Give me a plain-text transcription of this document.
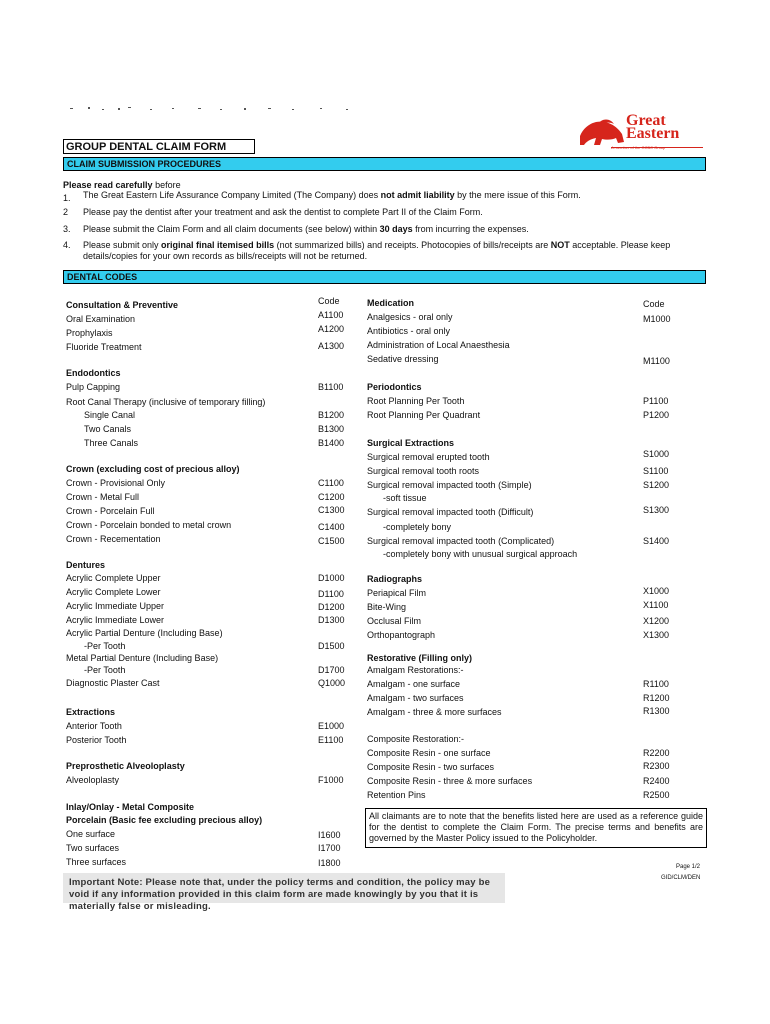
Great
Eastern
A member of the OCBC Group
GROUP DENTAL CLAIM FORM
CLAIM SUBMISSION PROCEDURES
Please read carefully before
1. The Great Eastern Life Assurance Company Limited (The Company) does not admit liability by the mere issue of this Form.
2 Please pay the dentist after your treatment and ask the dentist to complete Part II of the Claim Form.
3. Please submit the Claim Form and all claim documents (see below) within 30 days from incurring the expenses.
4. Please submit only original final itemised bills (not summarized bills) and receipts. Photocopies of bills/receipts are NOT acceptable. Please keep details/copies for your own records as bills/receipts will not be returned.
DENTAL CODES
Consultation & Preventive	Code
Oral Examination	A1100
Prophylaxis	A1200
Fluoride Treatment	A1300
Endodontics
Pulp Capping	B1100
Root Canal Therapy (inclusive of temporary filling)
Single Canal	B1200
Two Canals	B1300
Three Canals	B1400
Crown (excluding cost of precious alloy)
Crown - Provisional Only	C1100
Crown - Metal Full	C1200
Crown - Porcelain Full	C1300
Crown - Porcelain bonded to metal crown	C1400
Crown - Recementation	C1500
Dentures
Acrylic Complete Upper	D1000
Acrylic Complete Lower	D1100
Acrylic Immediate Upper	D1200
Acrylic Immediate Lower	D1300
Acrylic Partial Denture (Including Base)
-Per Tooth	D1500
Metal Partial Denture (Including Base)
-Per Tooth	D1700
Diagnostic Plaster Cast	Q1000
Extractions
Anterior Tooth	E1000
Posterior Tooth	E1100
Preprosthetic Alveoloplasty
Alveoloplasty	F1000
Inlay/Onlay - Metal Composite
Porcelain (Basic fee excluding precious alloy)
One surface	I1600
Two surfaces	I1700
Three surfaces	I1800
Medication	Code
Analgesics - oral only	M1000
Antibiotics - oral only
Administration of Local Anaesthesia
Sedative dressing	M1100
Periodontics
Root Planning Per Tooth	P1100
Root Planning Per Quadrant	P1200
Surgical Extractions
Surgical removal erupted tooth	S1000
Surgical removal tooth roots	S1100
Surgical removal impacted tooth (Simple)	S1200
-soft tissue
Surgical removal impacted tooth (Difficult)	S1300
-completely bony
Surgical removal impacted tooth (Complicated)	S1400
-completely bony with unusual surgical approach
Radiographs
Periapical Film	X1000
Bite-Wing	X1100
Occlusal Film	X1200
Orthopantograph	X1300
Restorative (Filling only)
Amalgam Restorations:-
Amalgam - one surface	R1100
Amalgam - two surfaces	R1200
Amalgam - three & more surfaces	R1300
Composite Restoration:-
Composite Resin - one surface	R2200
Composite Resin - two surfaces	R2300
Composite Resin - three & more surfaces	R2400
Retention Pins	R2500
All claimants are to note that the benefits listed here are used as a reference guide for the dentist to complete the Claim Form. The precise terms and benefits are governed by the Master Policy issued to the Policyholder.
Page 1/2
GID/CLM/DEN
Important Note: Please note that, under the policy terms and condition, the policy may be void if any information provided in this claim form are made knowingly by you that it is materially false or misleading.
